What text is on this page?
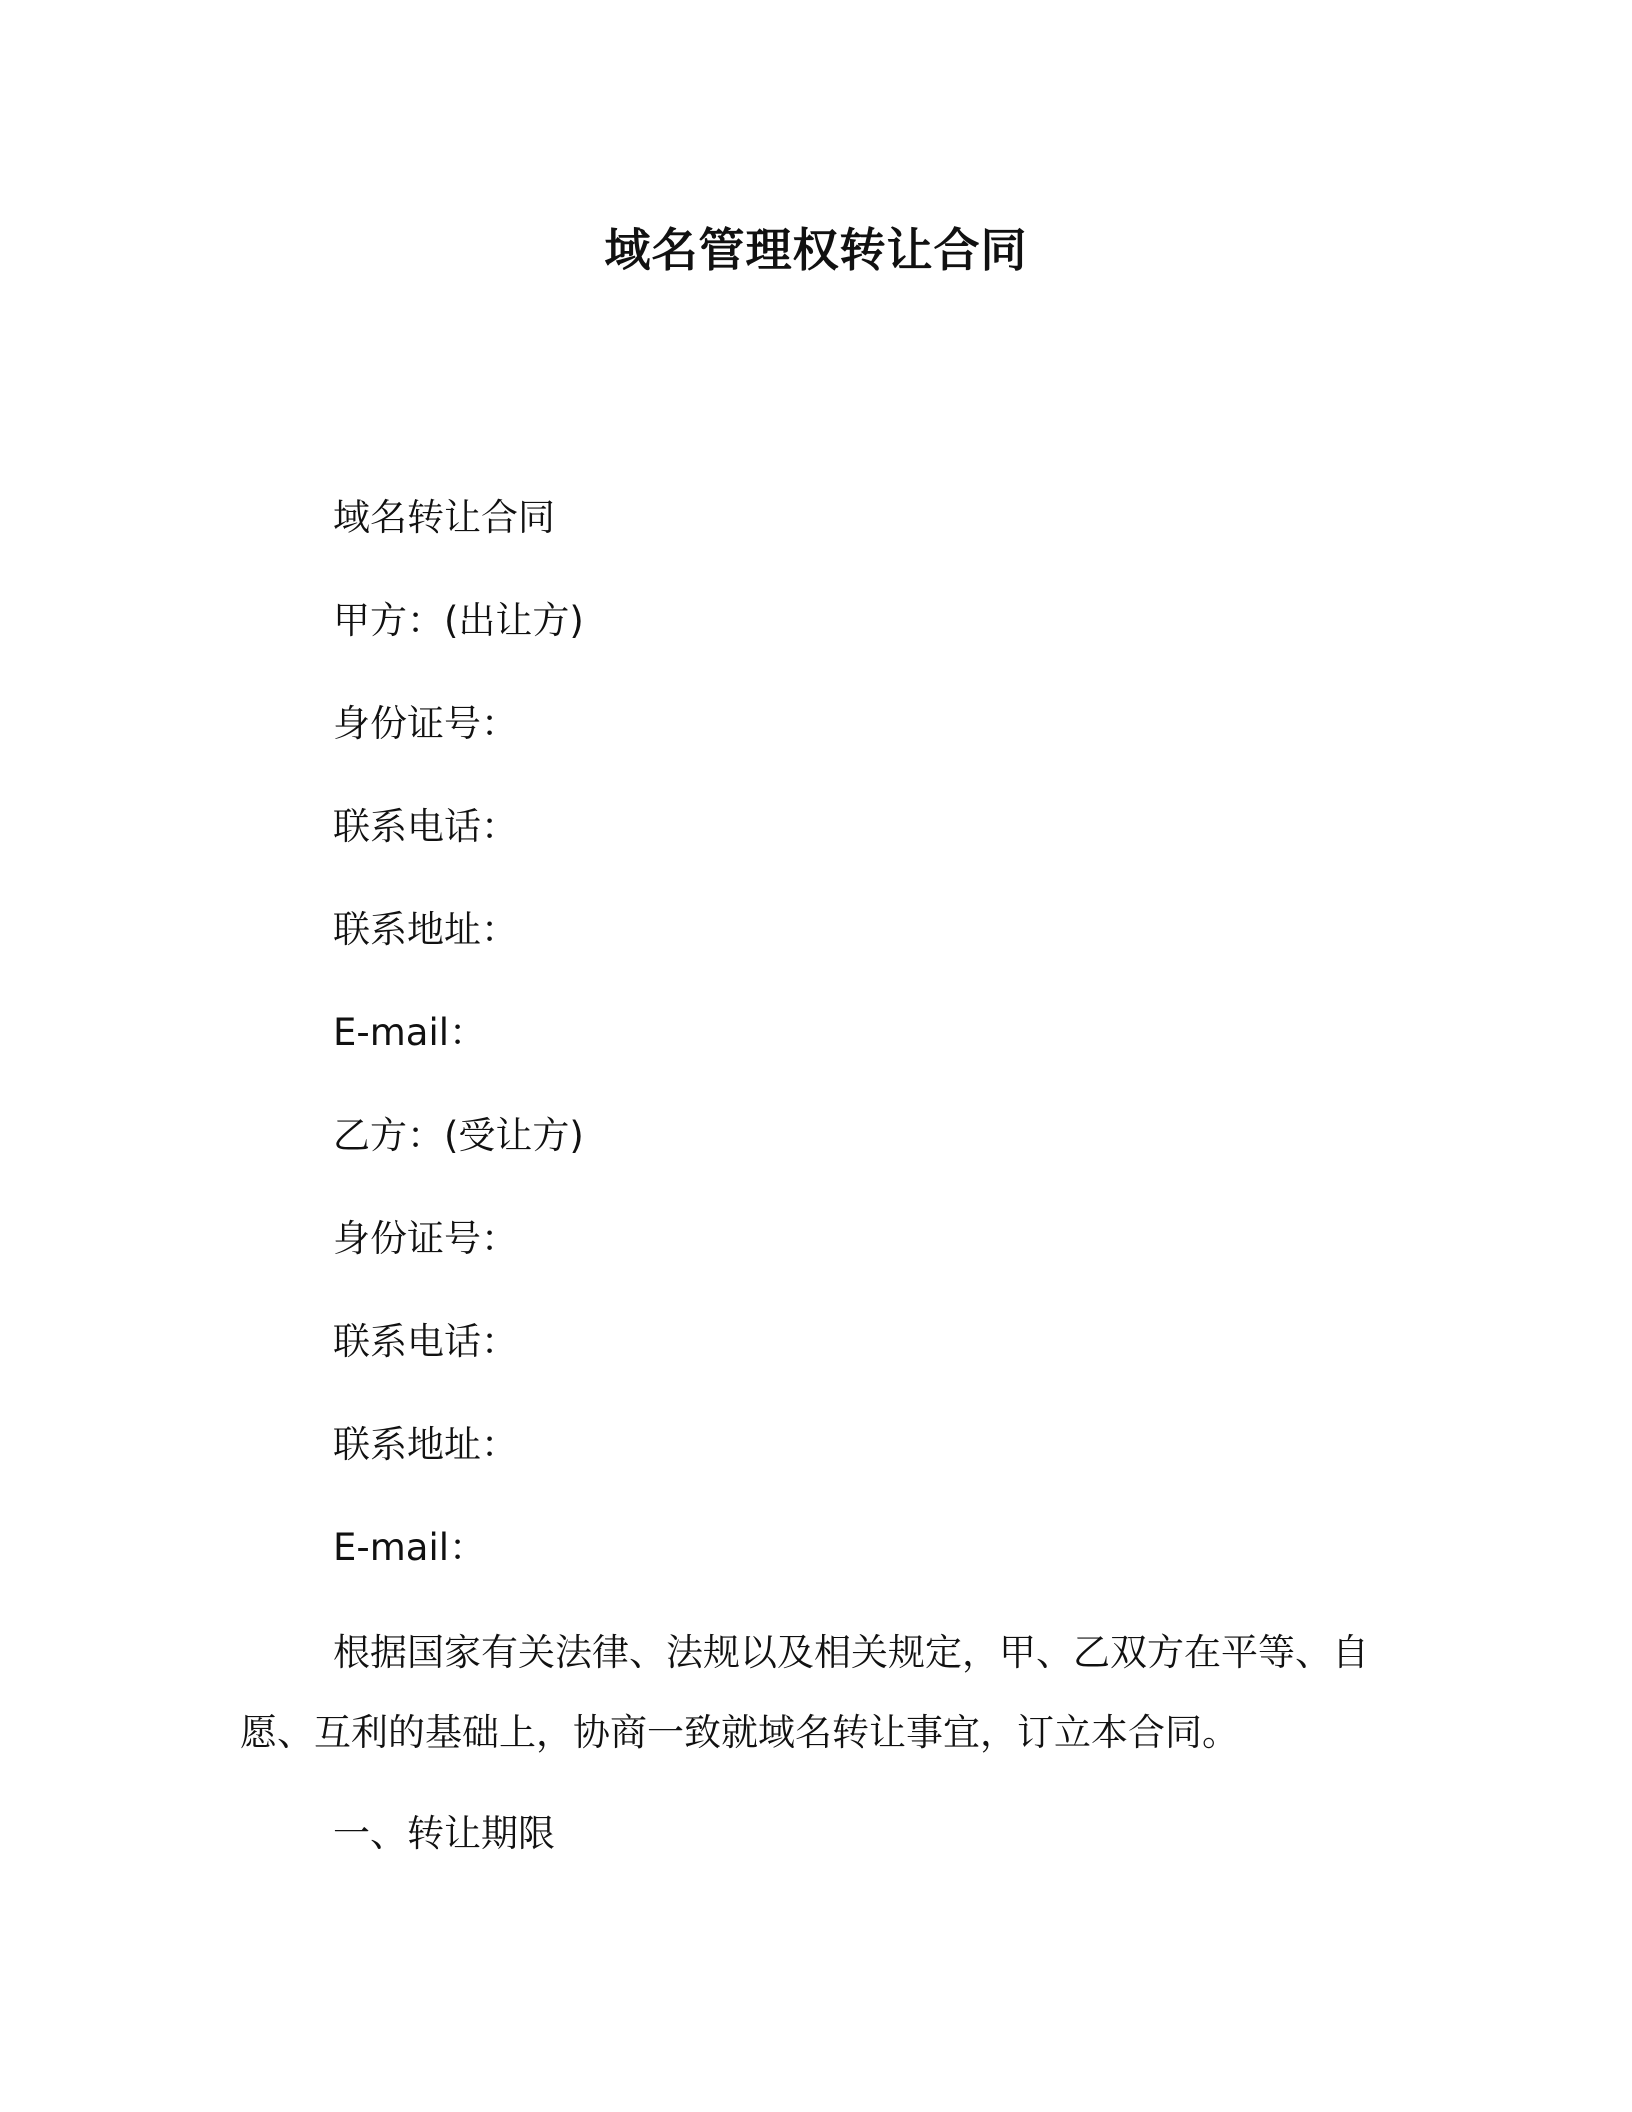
域名管理权转让合同

域名转让合同

甲方：(出让方)

身份证号：

联系电话：

联系地址：

E-mail：

乙方：(受让方)

身份证号：

联系电话：

联系地址：

E-mail：

根据国家有关法律、法规以及相关规定，甲、乙双方在平等、自愿、互利的基础上，协商一致就域名转让事宜，订立本合同。

一、转让期限
